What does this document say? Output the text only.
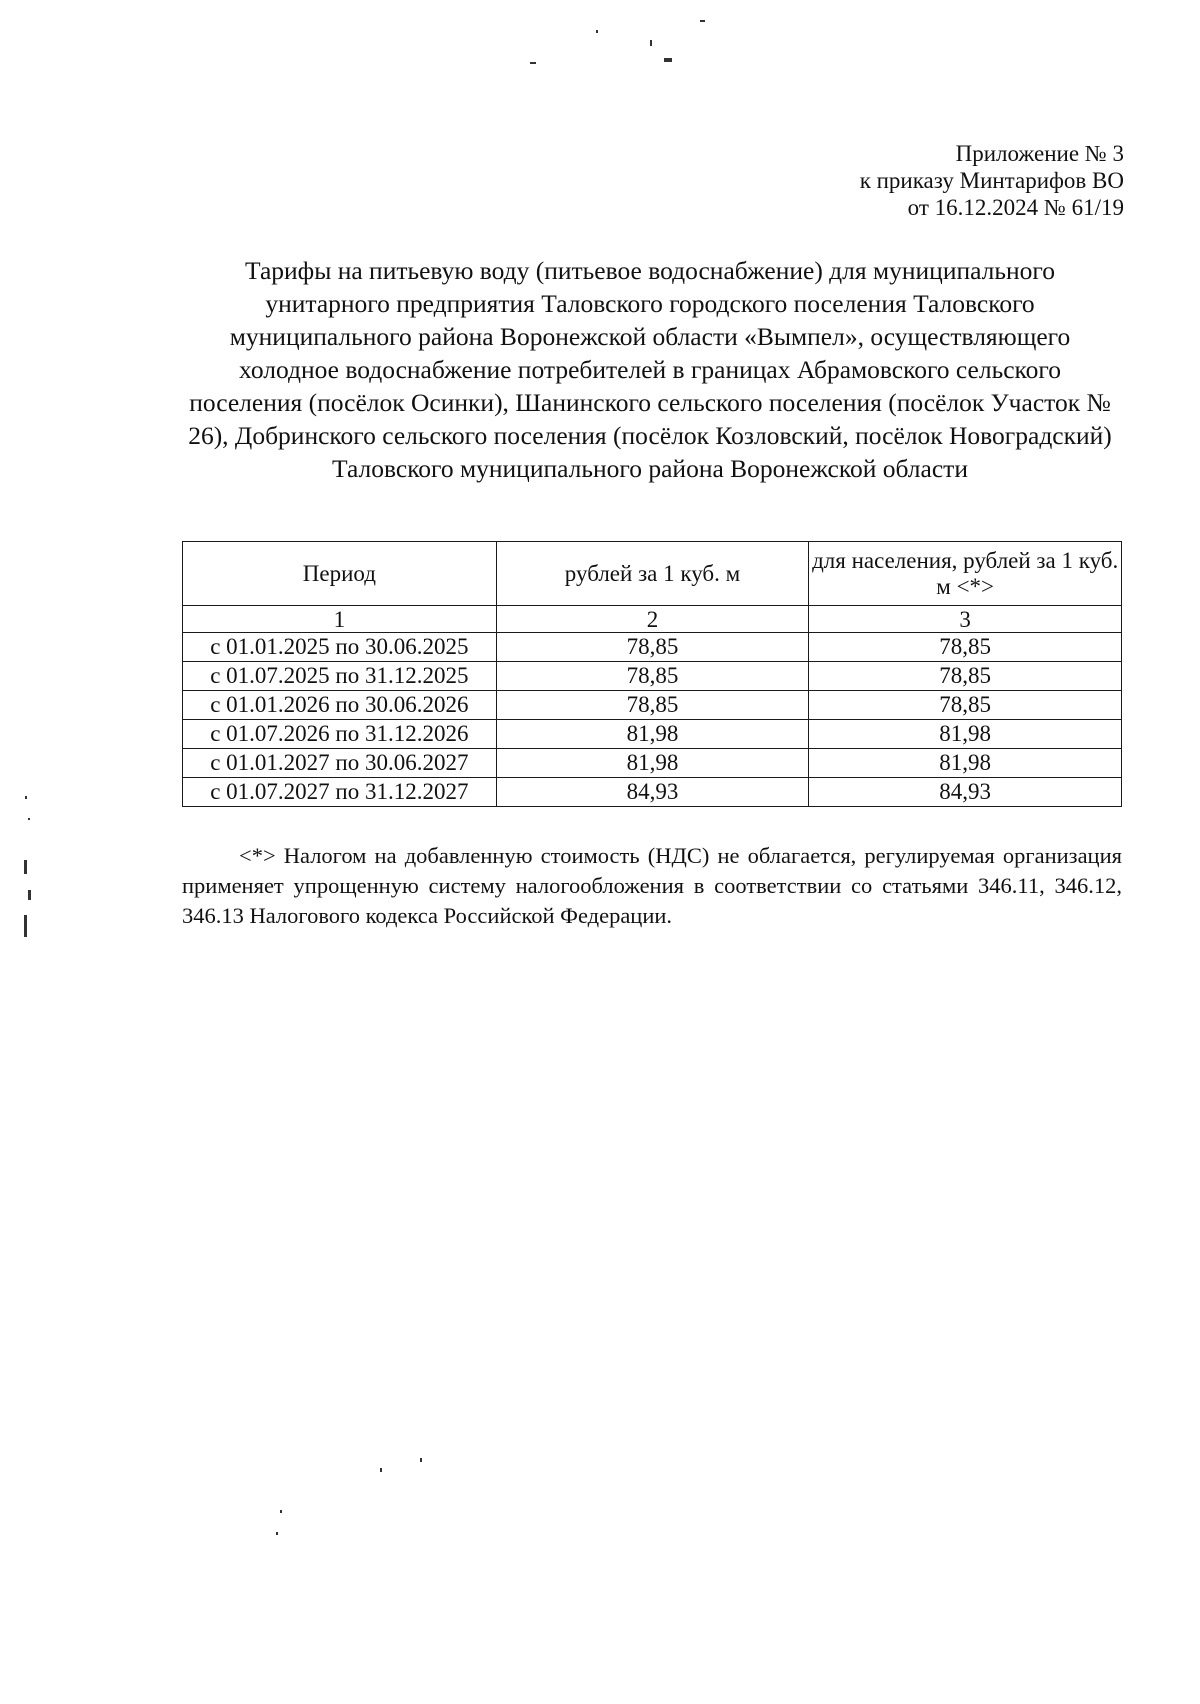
Приложение № 3
к приказу Минтарифов ВО
от 16.12.2024 № 61/19
Тарифы на питьевую воду (питьевое водоснабжение) для муниципального унитарного предприятия Таловского городского поселения Таловского муниципального района Воронежской области «Вымпел», осуществляющего холодное водоснабжение потребителей в границах Абрамовского сельского поселения (посёлок Осинки), Шанинского сельского поселения (посёлок Участок № 26), Добринского сельского поселения (посёлок Козловский, посёлок Новоградский) Таловского муниципального района Воронежской области
Период	рублей за 1 куб. м	для населения, рублей за 1 куб. м <*>
1	2	3
с 01.01.2025 по 30.06.2025	78,85	78,85
с 01.07.2025 по 31.12.2025	78,85	78,85
с 01.01.2026 по 30.06.2026	78,85	78,85
с 01.07.2026 по 31.12.2026	81,98	81,98
с 01.01.2027 по 30.06.2027	81,98	81,98
с 01.07.2027 по 31.12.2027	84,93	84,93

<*> Налогом на добавленную стоимость (НДС) не облагается, регулируемая организация применяет упрощенную систему налогообложения в соответствии со статьями 346.11, 346.12, 346.13 Налогового кодекса Российской Федерации.
